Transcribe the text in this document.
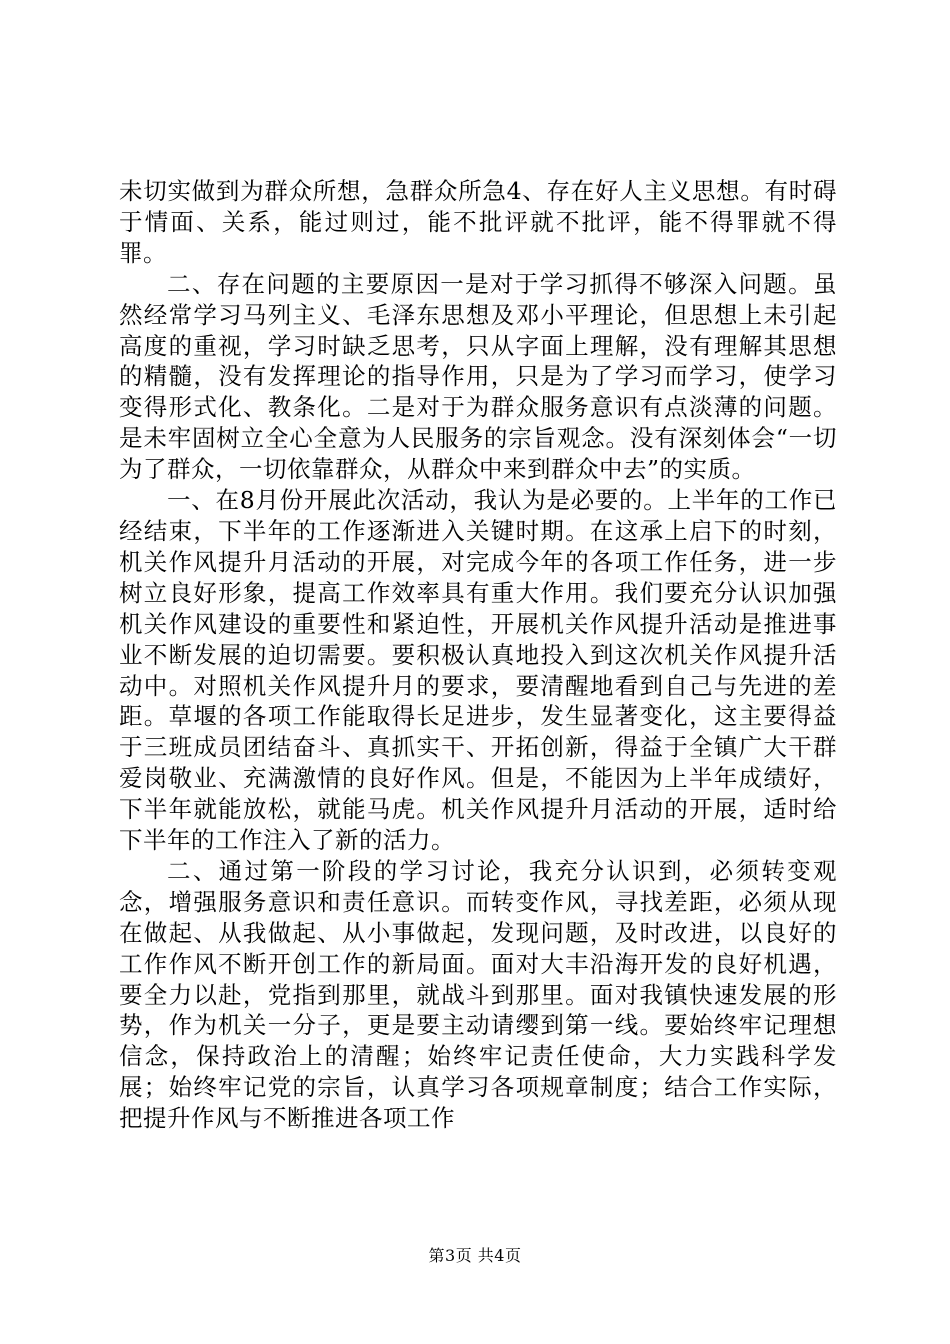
未切实做到为群众所想，急群众所急4、存在好人主义思想。有时碍于情面、关系，能过则过，能不批评就不批评，能不得罪就不得罪。

二、存在问题的主要原因一是对于学习抓得不够深入问题。虽然经常学习马列主义、毛泽东思想及邓小平理论，但思想上未引起高度的重视，学习时缺乏思考，只从字面上理解，没有理解其思想的精髓，没有发挥理论的指导作用，只是为了学习而学习，使学习变得形式化、教条化。二是对于为群众服务意识有点淡薄的问题。是未牢固树立全心全意为人民服务的宗旨观念。没有深刻体会“一切为了群众，一切依靠群众，从群众中来到群众中去”的实质。

一、在8月份开展此次活动，我认为是必要的。上半年的工作已经结束，下半年的工作逐渐进入关键时期。在这承上启下的时刻，机关作风提升月活动的开展，对完成今年的各项工作任务，进一步树立良好形象，提高工作效率具有重大作用。我们要充分认识加强机关作风建设的重要性和紧迫性，开展机关作风提升活动是推进事业不断发展的迫切需要。要积极认真地投入到这次机关作风提升活动中。对照机关作风提升月的要求，要清醒地看到自己与先进的差距。草堰的各项工作能取得长足进步，发生显著变化，这主要得益于三班成员团结奋斗、真抓实干、开拓创新，得益于全镇广大干群爱岗敬业、充满激情的良好作风。但是，不能因为上半年成绩好，下半年就能放松，就能马虎。机关作风提升月活动的开展，适时给下半年的工作注入了新的活力。

二、通过第一阶段的学习讨论，我充分认识到，必须转变观念，增强服务意识和责任意识。而转变作风，寻找差距，必须从现在做起、从我做起、从小事做起，发现问题，及时改进，以良好的工作作风不断开创工作的新局面。面对大丰沿海开发的良好机遇，要全力以赴，党指到那里，就战斗到那里。面对我镇快速发展的形势，作为机关一分子，更是要主动请缨到第一线。要始终牢记理想信念，保持政治上的清醒；始终牢记责任使命，大力实践科学发展；始终牢记党的宗旨，认真学习各项规章制度；结合工作实际，把提升作风与不断推进各项工作

第3页 共4页
